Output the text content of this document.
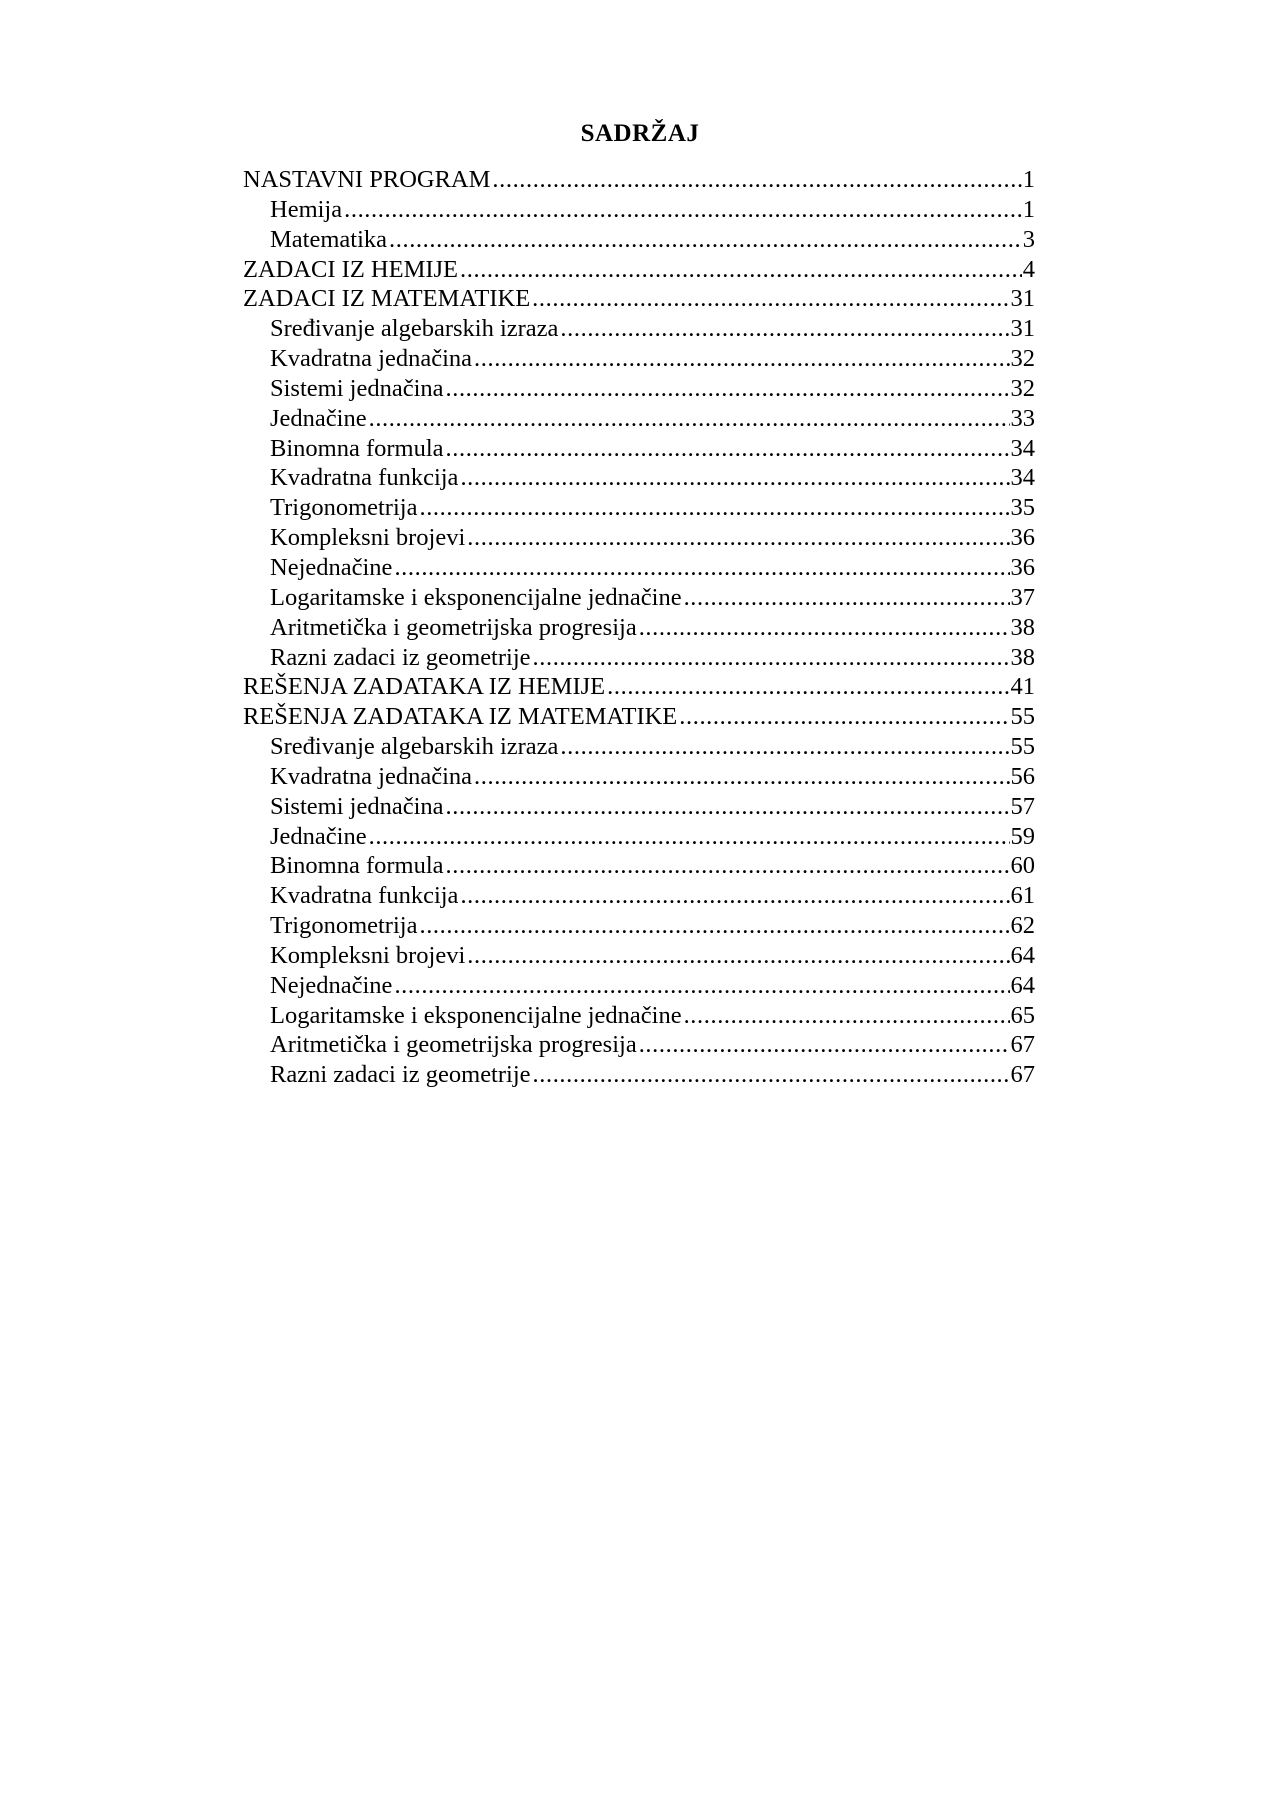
SADRŽAJ
NASTAVNI PROGRAM .....	1
Hemija .....	1
Matematika .....	3
ZADACI IZ HEMIJE .....	4
ZADACI IZ MATEMATIKE .....	31
Sređivanje algebarskih izraza .....	31
Kvadratna jednačina .....	32
Sistemi jednačina .....	32
Jednačine .....	33
Binomna formula .....	34
Kvadratna funkcija .....	34
Trigonometrija .....	35
Kompleksni brojevi .....	36
Nejednačine .....	36
Logaritamske i eksponencijalne jednačine .....	37
Aritmetička i geometrijska progresija .....	38
Razni zadaci iz geometrije .....	38
REŠENJA ZADATAKA IZ HEMIJE .....	41
REŠENJA ZADATAKA IZ MATEMATIKE .....	55
Sređivanje algebarskih izraza .....	55
Kvadratna jednačina .....	56
Sistemi jednačina .....	57
Jednačine .....	59
Binomna formula .....	60
Kvadratna funkcija .....	61
Trigonometrija .....	62
Kompleksni brojevi .....	64
Nejednačine .....	64
Logaritamske i eksponencijalne jednačine .....	65
Aritmetička i geometrijska progresija .....	67
Razni zadaci iz geometrije .....	67
